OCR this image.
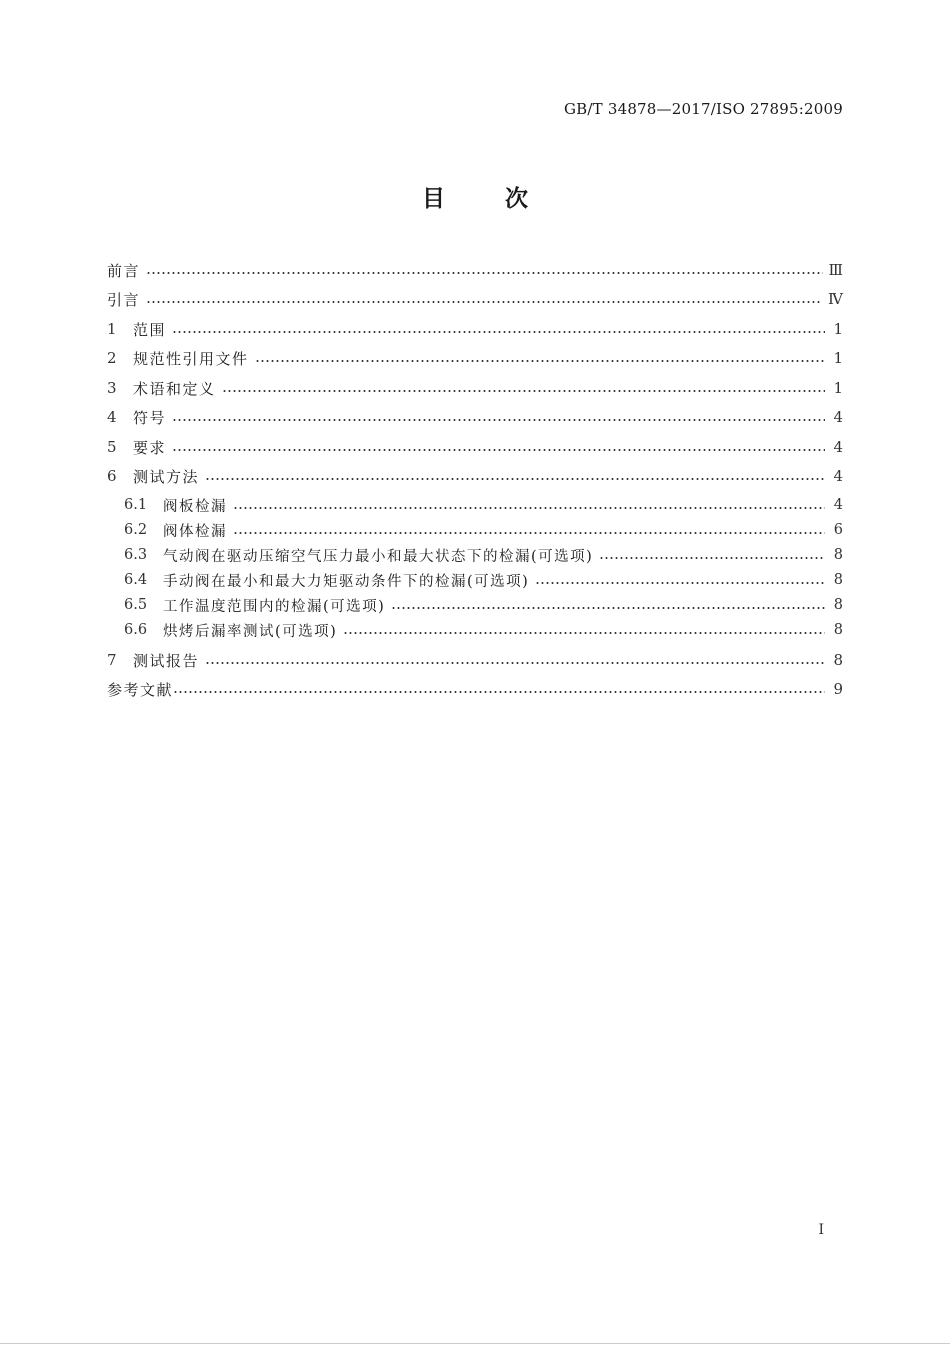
GB/T 34878—2017/ISO 27895:2009
目	次
前言	Ⅲ
引言	Ⅳ
1 范围	1
2 规范性引用文件	1
3 术语和定义	1
4 符号	4
5 要求	4
6 测试方法	4
6.1	阀板检漏	4
6.2	阀体检漏	6
6.3	气动阀在驱动压缩空气压力最小和最大状态下的检漏(可选项)	8
6.4	手动阀在最小和最大力矩驱动条件下的检漏(可选项)	8
6.5	工作温度范围内的检漏(可选项)	8
6.6	烘烤后漏率测试(可选项)	8
7 测试报告	8
参考文献	9
I
